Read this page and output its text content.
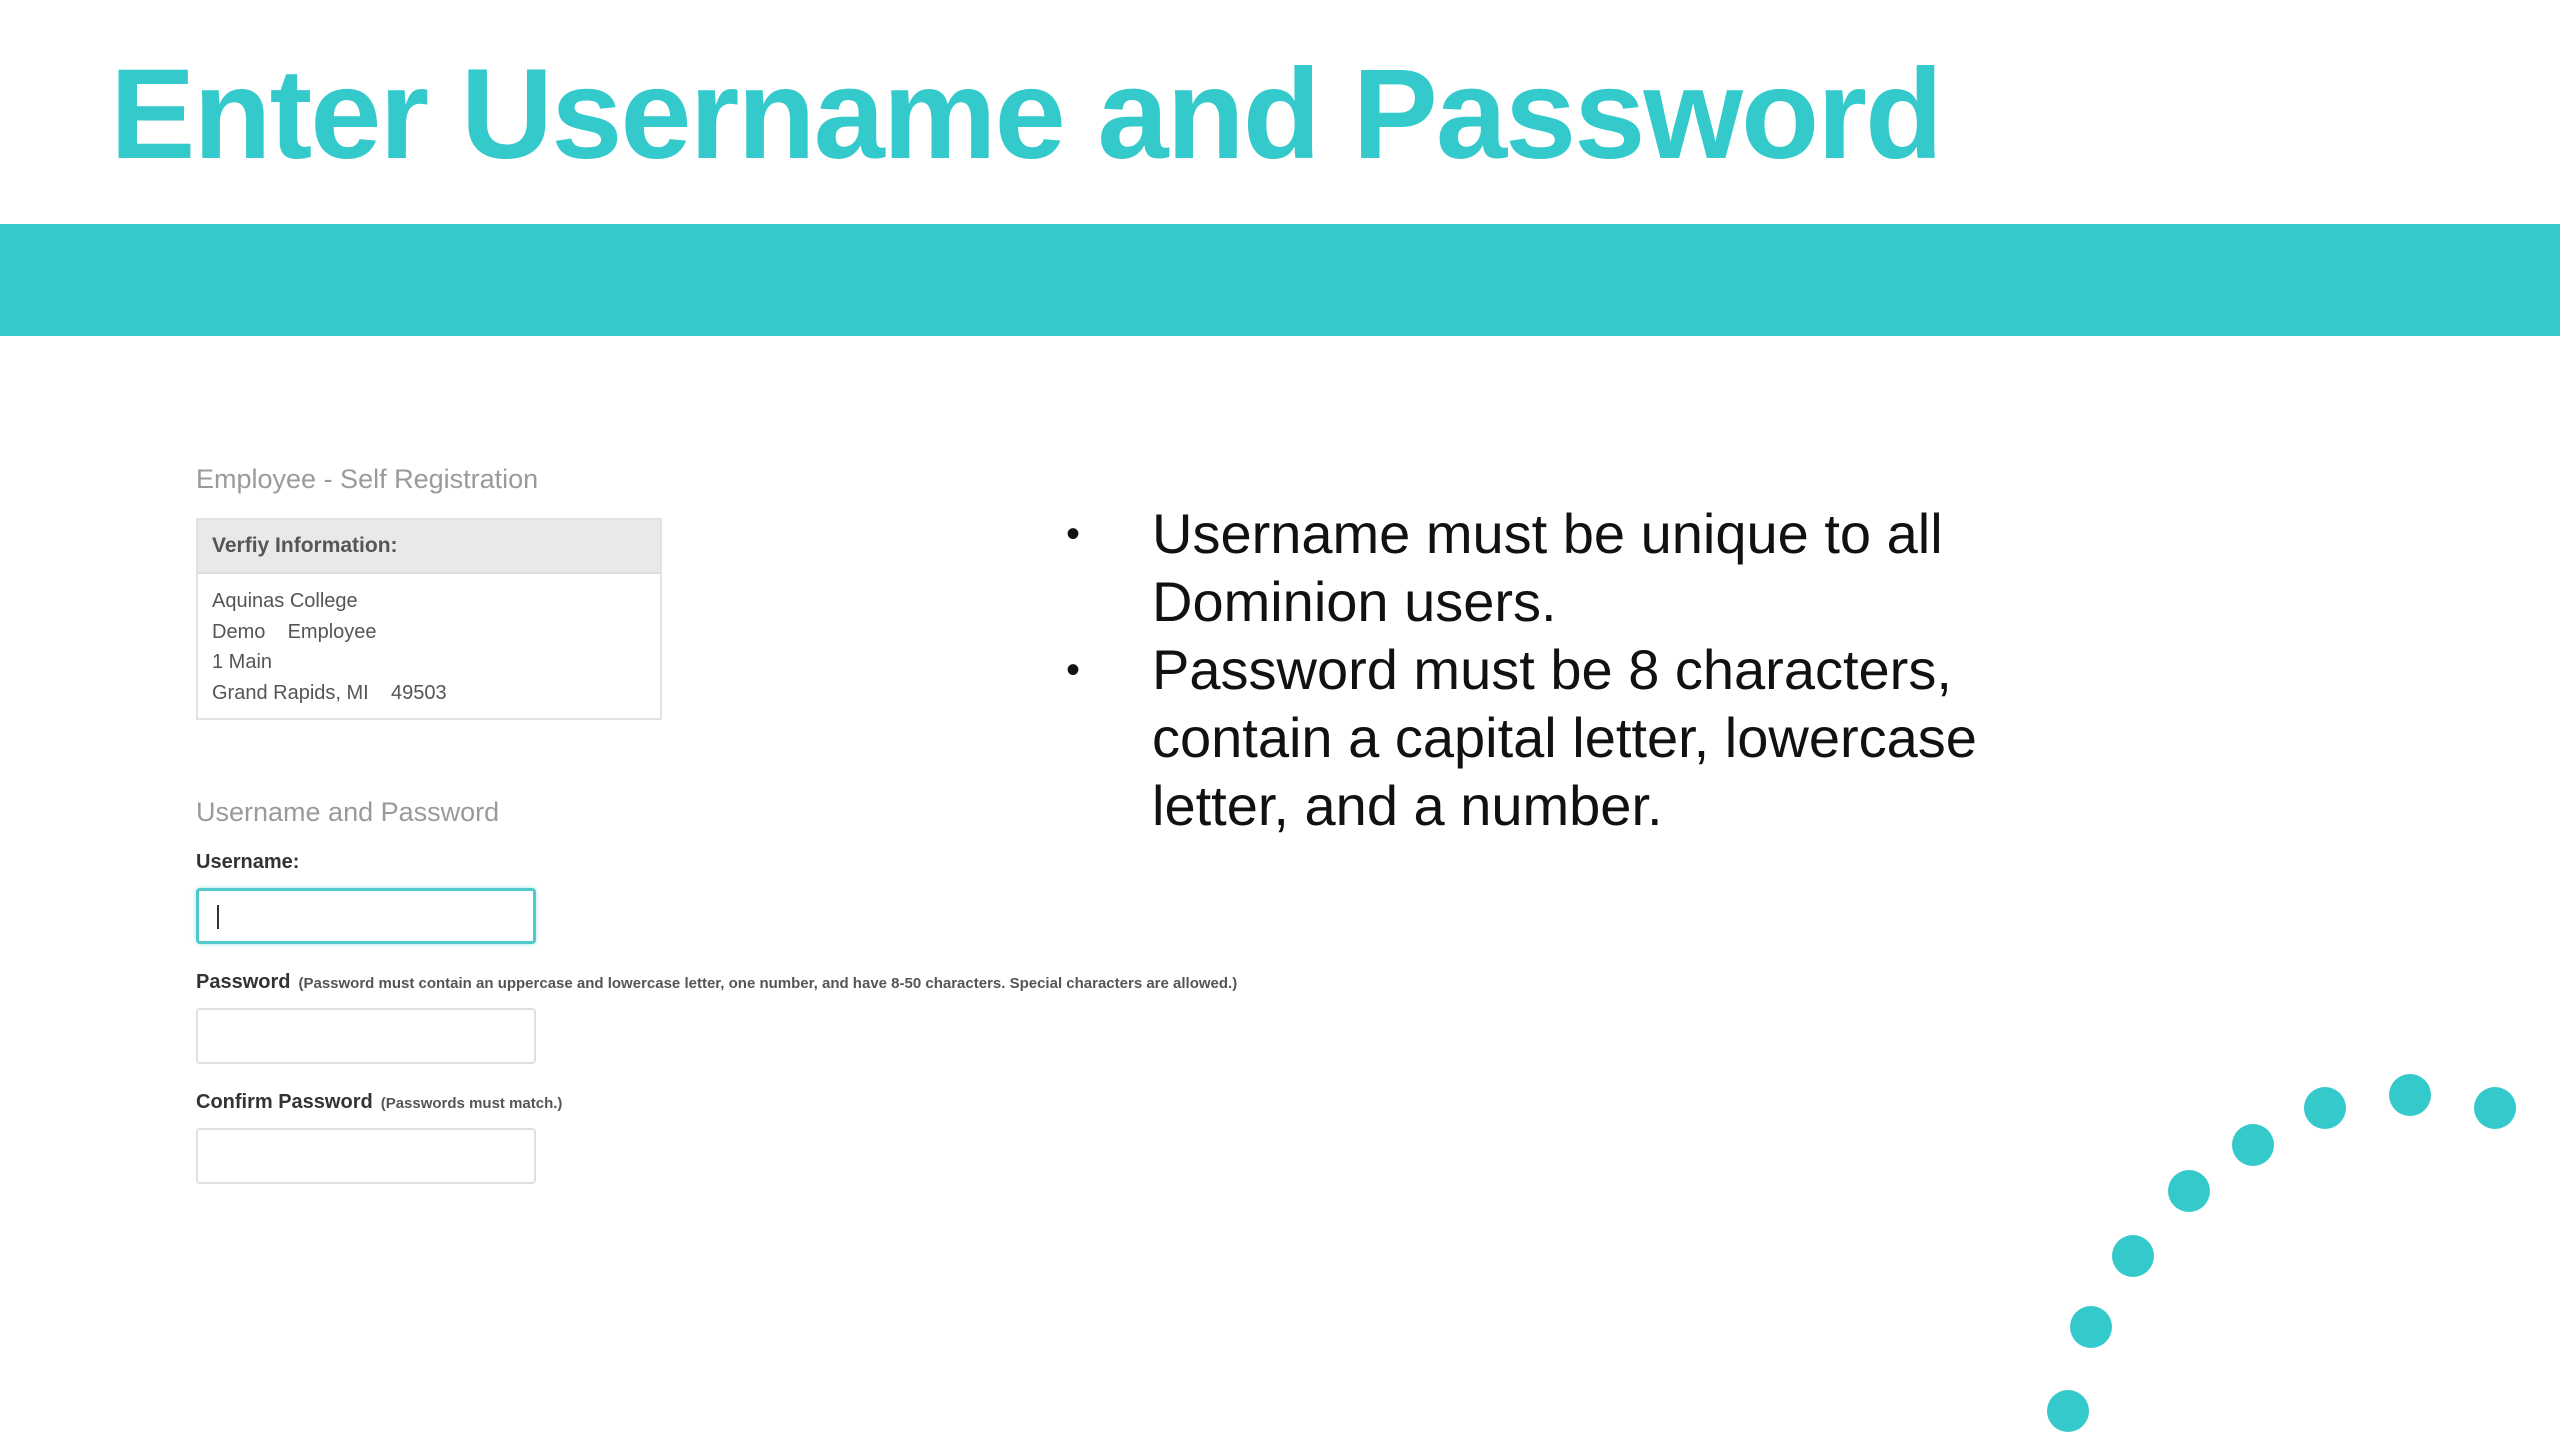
Enter Username and Password
Employee - Self Registration
Verfiy Information:
Aquinas College
Demo    Employee
1 Main
Grand Rapids, MI    49503
Username and Password
Username:
Password (Password must contain an uppercase and lowercase letter, one number, and have 8-50 characters. Special characters are allowed.)
Confirm Password (Passwords must match.)
• Username must be unique to all Dominion users.
• Password must be 8 characters, contain a capital letter, lowercase letter, and a number.
